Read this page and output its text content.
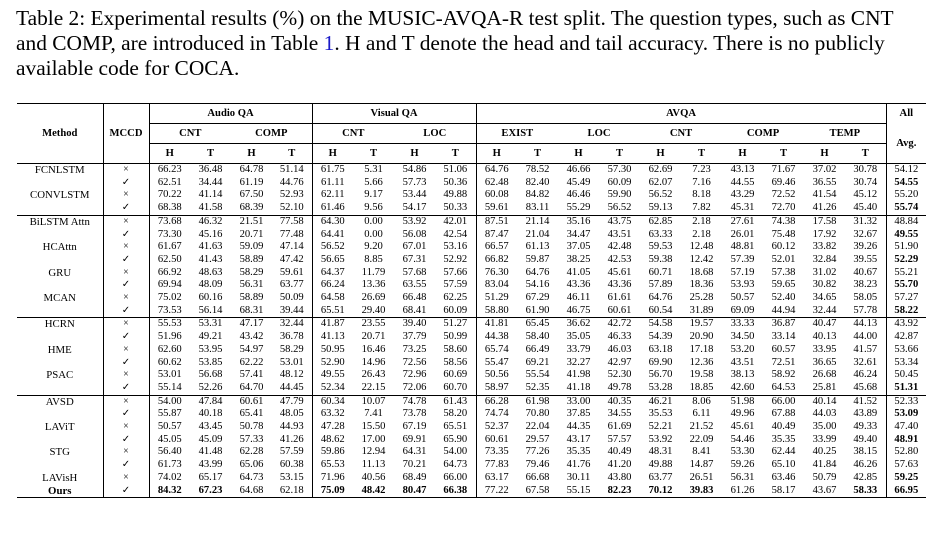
Table 2: Experimental results (%) on the MUSIC-AVQA-R test split. The question types, such as CNT and COMP, are introduced in Table 1. H and T denote the head and tail accuracy. There is no publicly available code for COCA.
Method	MCCD	Audio QA				Visual QA				AVQA										All
		CNT		COMP		CNT		LOC		EXIST		LOC		CNT		COMP		TEMP		Avg.
		H	T	H	T	H	T	H	T	H	T	H	T	H	T	H	T	H	T	
FCNLSTM	×	66.23	36.48	64.78	51.14	61.75	5.31	54.86	51.06	64.76	78.52	46.66	57.30	62.69	7.23	43.13	71.67	37.02	30.78	54.12
	✓	62.51	34.44	61.19	44.76	61.11	5.66	57.73	50.36	62.48	82.40	45.49	60.09	62.07	7.16	44.55	69.46	36.55	30.74	54.55
CONVLSTM	×	70.22	41.14	67.50	52.93	62.11	9.17	53.44	49.88	60.08	84.82	46.46	59.90	56.52	8.18	43.29	72.52	41.54	45.12	55.20
	✓	68.38	41.58	68.39	52.10	61.46	9.56	54.17	50.33	59.61	83.11	55.29	56.52	59.13	7.82	45.31	72.70	41.26	45.40	55.74
BiLSTM Attn	×	73.68	46.32	21.51	77.58	64.30	0.00	53.92	42.01	87.51	21.14	35.16	43.75	62.85	2.18	27.61	74.38	17.58	31.32	48.84
	✓	73.30	45.16	20.71	77.48	64.41	0.00	56.08	42.54	87.47	21.04	34.47	43.51	63.33	2.18	26.01	75.48	17.92	32.67	49.55
HCAttn	×	61.67	41.63	59.09	47.14	56.52	9.20	67.01	53.16	66.57	61.13	37.05	42.48	59.53	12.48	48.81	60.12	33.82	39.26	51.90
	✓	62.50	41.43	58.89	47.42	56.65	8.85	67.31	52.92	66.82	59.87	38.25	42.53	59.38	12.42	57.39	52.01	32.84	39.55	52.29
GRU	×	66.92	48.63	58.29	59.61	64.37	11.79	57.68	57.66	76.30	64.76	41.05	45.61	60.71	18.68	57.19	57.38	31.02	40.67	55.21
	✓	69.94	48.09	56.31	63.77	66.24	13.36	63.55	57.59	83.04	54.16	43.36	43.36	57.89	18.36	53.93	59.65	30.82	38.23	55.70
MCAN	×	75.02	60.16	58.89	50.09	64.58	26.69	66.48	62.25	51.29	67.29	46.11	61.61	64.76	25.28	50.57	52.40	34.65	58.05	57.27
	✓	73.53	56.14	68.31	39.44	65.51	29.40	68.41	60.09	58.80	61.90	46.75	60.61	60.54	31.89	69.09	44.94	32.44	57.78	58.22
HCRN	×	55.53	53.31	47.17	32.44	41.87	23.55	39.40	51.27	41.81	65.45	36.62	42.72	54.58	19.57	33.33	36.87	40.47	44.13	43.92
	✓	51.96	49.21	43.42	36.78	41.13	20.71	37.79	50.99	44.38	58.40	35.05	46.33	54.39	20.90	34.50	33.14	40.13	44.00	42.87
HME	×	62.60	53.95	54.97	58.29	50.95	16.46	73.25	58.60	65.74	66.49	33.79	46.03	63.18	17.18	53.20	60.57	33.95	41.57	53.66
	✓	60.62	53.85	62.22	53.01	52.90	14.96	72.56	58.56	55.47	69.21	32.27	42.97	69.90	12.36	43.51	72.51	36.65	32.61	53.34
PSAC	×	53.01	56.68	57.41	48.12	49.55	26.43	72.96	60.69	50.56	55.54	41.98	52.30	56.70	19.58	38.13	58.92	26.68	46.24	50.45
	✓	55.14	52.26	64.70	44.45	52.34	22.15	72.06	60.70	58.97	52.35	41.18	49.78	53.28	18.85	42.60	64.53	25.81	45.68	51.31
AVSD	×	54.00	47.84	60.61	47.79	60.34	10.07	74.78	61.43	66.28	61.98	33.00	40.35	46.21	8.06	51.98	66.00	40.14	41.52	52.33
	✓	55.87	40.18	65.41	48.05	63.32	7.41	73.78	58.20	74.74	70.80	37.85	34.55	35.53	6.11	49.96	67.88	44.03	43.89	53.09
LAViT	×	50.57	43.45	50.78	44.93	47.28	15.50	67.19	65.51	52.37	22.04	44.35	61.69	52.21	21.52	45.61	40.49	35.00	49.33	47.40
	✓	45.05	45.09	57.33	41.26	48.62	17.00	69.91	65.90	60.61	29.57	43.17	57.57	53.92	22.09	54.46	35.35	33.99	49.40	48.91
STG	×	56.40	41.48	62.28	57.59	59.86	12.94	64.31	54.00	73.35	77.26	35.35	40.49	48.31	8.41	53.30	62.44	40.25	38.15	52.80
	✓	61.73	43.99	65.06	60.38	65.53	11.13	70.21	64.73	77.83	79.46	41.76	41.20	49.88	14.87	59.26	65.10	41.84	46.26	57.63
LAVisH	×	74.02	65.17	64.73	53.15	71.96	40.56	68.49	66.00	63.17	66.68	30.11	43.80	63.77	26.51	56.31	63.46	50.79	42.85	59.25
Ours	✓	84.32	67.23	64.68	62.18	75.09	48.42	80.47	66.38	77.22	67.58	55.15	82.23	70.12	39.83	61.26	58.17	43.67	58.33	66.95
